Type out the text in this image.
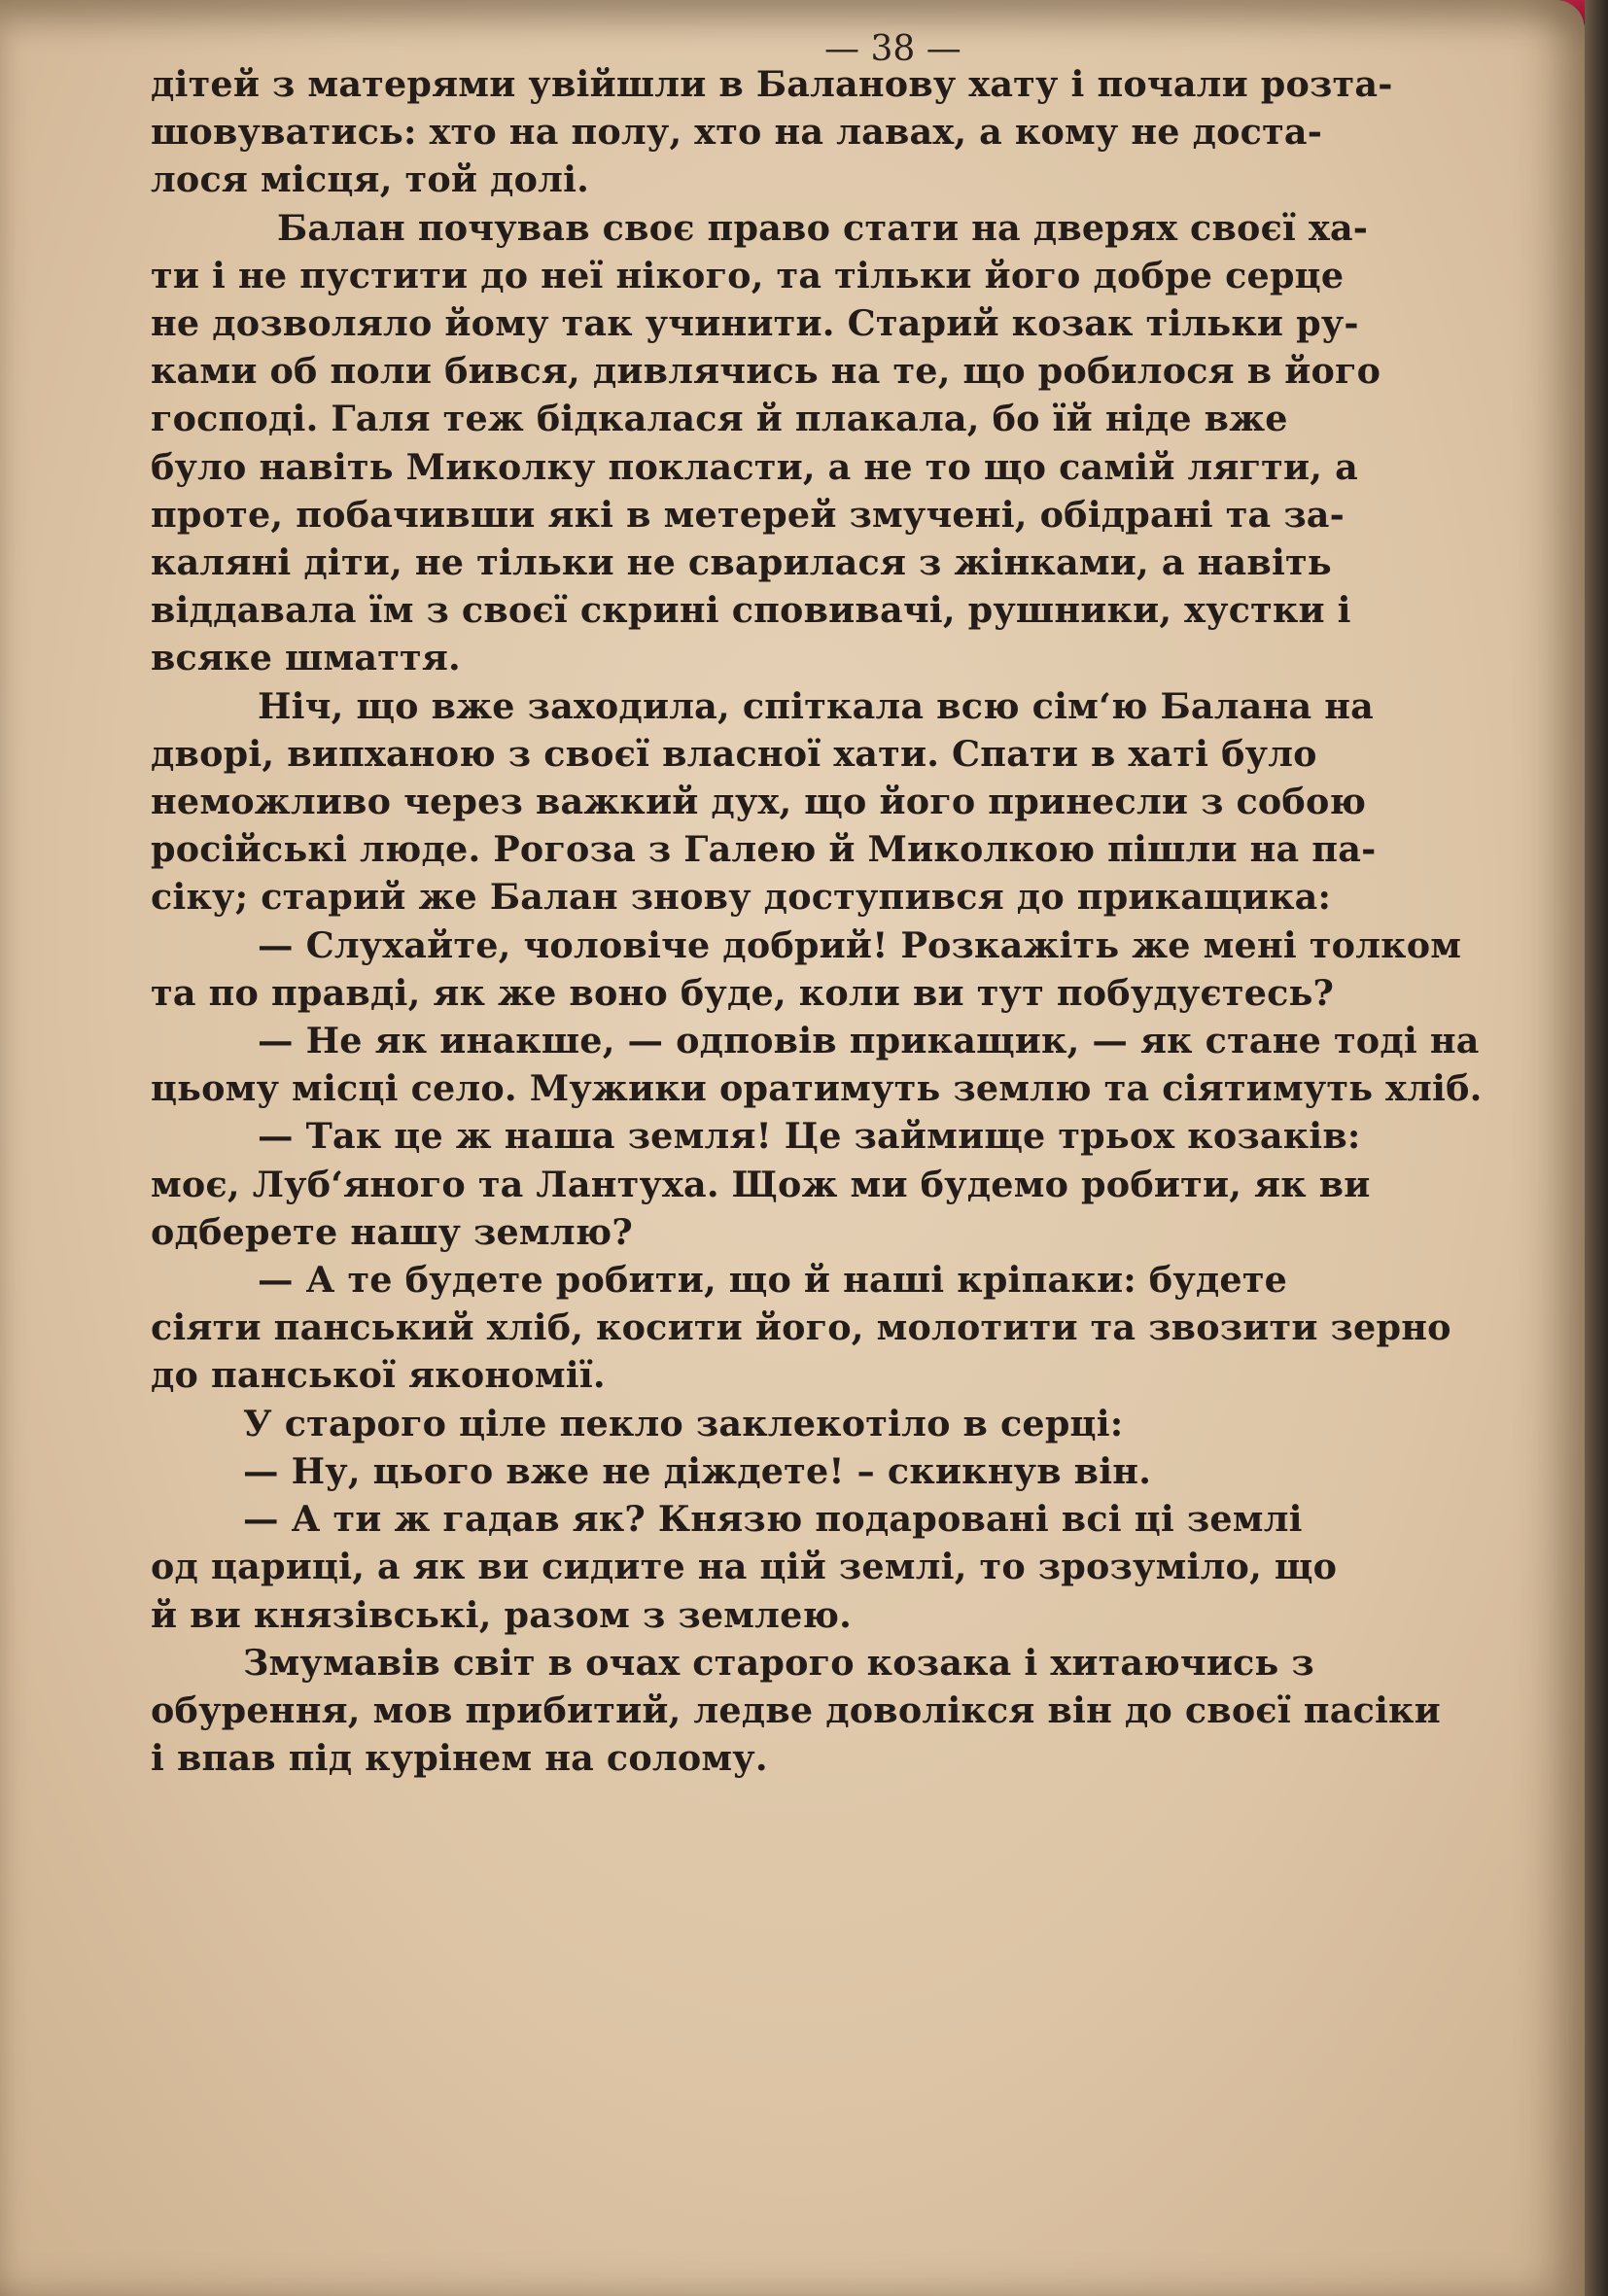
— 38 —
дітей з матерями увійшли в Баланову хату і почали розта-
шовуватись: хто на полу, хто на лавах, а кому не доста-
лося місця, той долі.
Балан почував своє право стати на дверях своєї ха-
ти і не пустити до неї нікого, та тільки його добре серце
не дозволяло йому так учинити. Старий козак тільки ру-
ками об поли бився, дивлячись на те, що робилося в його
господі. Галя теж бідкалася й плакала, бо їй ніде вже
було навіть Миколку покласти, а не то що самій лягти, а
проте, побачивши які в метерей змучені, обідрані та за-
каляні діти, не тільки не сварилася з жінками, а навіть
віддавала їм з своєї скрині сповивачі, рушники, хустки і
всяке шмаття.
Ніч, що вже заходила, спіткала всю сім‘ю Балана на
дворі, випханою з своєї власної хати. Спати в хаті було
неможливо через важкий дух, що його принесли з собою
російські люде. Рогоза з Галею й Миколкою пішли на па-
сіку; старий же Балан знову доступився до прикащика:
— Слухайте, чоловіче добрий! Розкажіть же мені толком
та по правді, як же воно буде, коли ви тут побудуєтесь?
— Не як инакше, — одповів прикащик, — як стане тоді на
цьому місці село. Мужики оратимуть землю та сіятимуть хліб.
— Так це ж наша земля! Це займище трьох козаків:
моє, Луб‘яного та Лантуха. Щож ми будемо робити, як ви
одберете нашу землю?
— А те будете робити, що й наші кріпаки: будете
сіяти панський хліб, косити його, молотити та звозити зерно
до панської якономії.
У старого ціле пекло заклекотіло в серці:
— Ну, цього вже не діждете! – скикнув він.
— А ти ж гадав як? Князю подаровані всі ці землі
од цариці, а як ви сидите на цій землі, то зрозуміло, що
й ви князівські, разом з землею.
Змумавів світ в очах старого козака і хитаючись з
обурення, мов прибитий, ледве доволікся він до своєї пасіки
і впав під курінем на солому.
